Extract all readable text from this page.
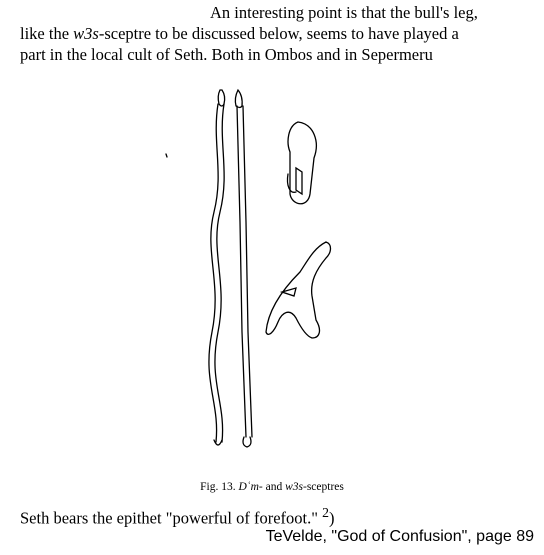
An interesting point is that the bull's leg,
like the w3s-sceptre to be discussed below, seems to have played a
part in the local cult of Seth. Both in Ombos and in Sepermeru
Fig. 13. Dʿm- and w3s-sceptres
Seth bears the epithet "powerful of forefoot." $^2$)
TeVelde, "God of Confusion", page 89
